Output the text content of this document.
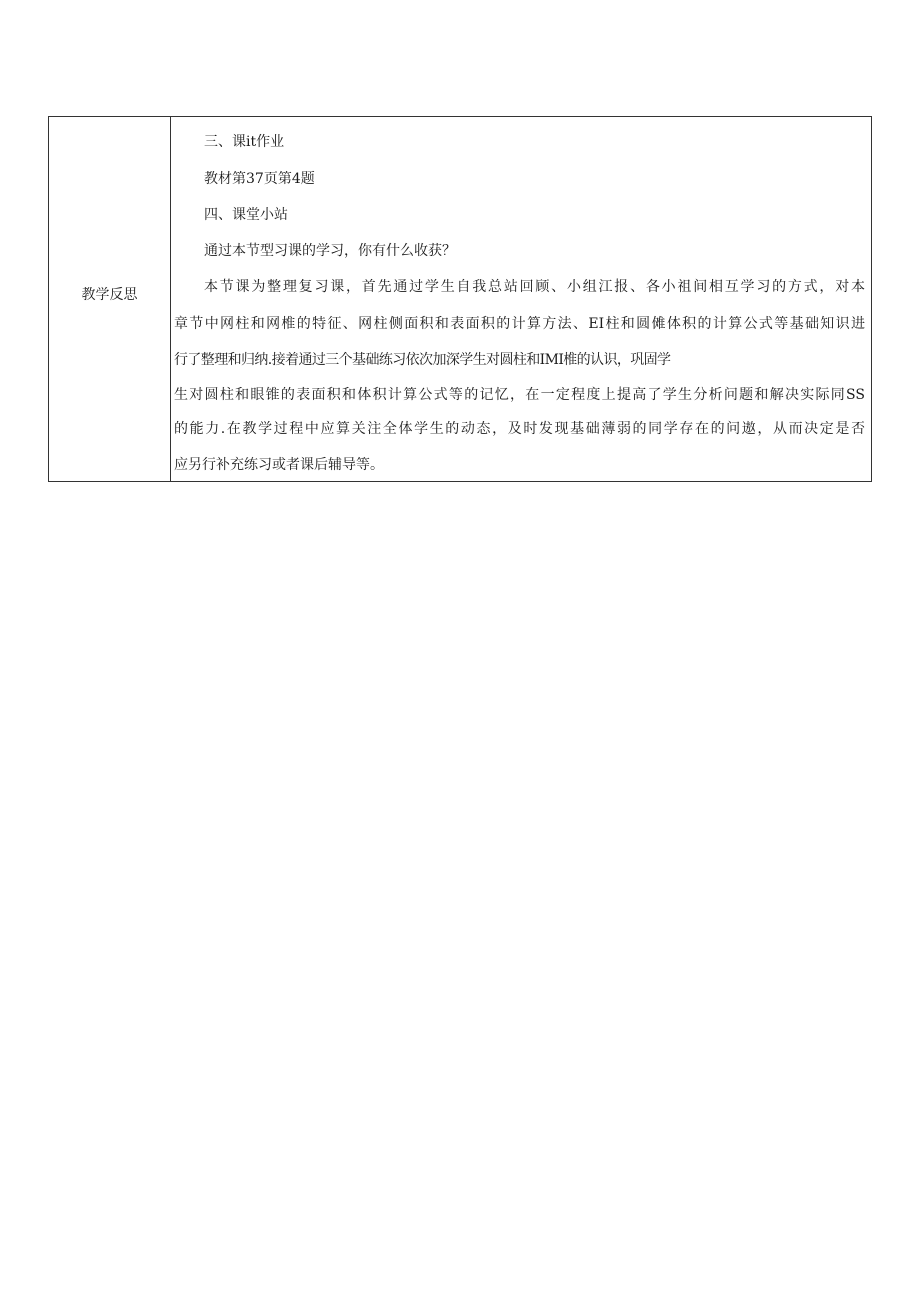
教学反思
三、课it作业
教材第37页第4题
四、课堂小站
通过本节型习课的学习，你有什么收获？
本节课为整理复习课，首先通过学生自我总站回顾、小组江报、各小祖间相互学习的方式，对本
章节中网柱和网椎的特征、网柱侧面积和表面积的计算方法、EI柱和圆傩体积的计算公式等基础知识进
行了整理和归纳.接着通过三个基础练习依次加深学生对圆柱和IMI椎的认识，巩固学
生对圆柱和眼锥的表面积和体积计算公式等的记忆，在一定程度上提高了学生分析问题和解决实际同SS
的能力.在教学过程中应算关注全体学生的动态，及时发现基础薄弱的同学存在的问遨，从而决定是否
应另行补充练习或者课后辅导等。
